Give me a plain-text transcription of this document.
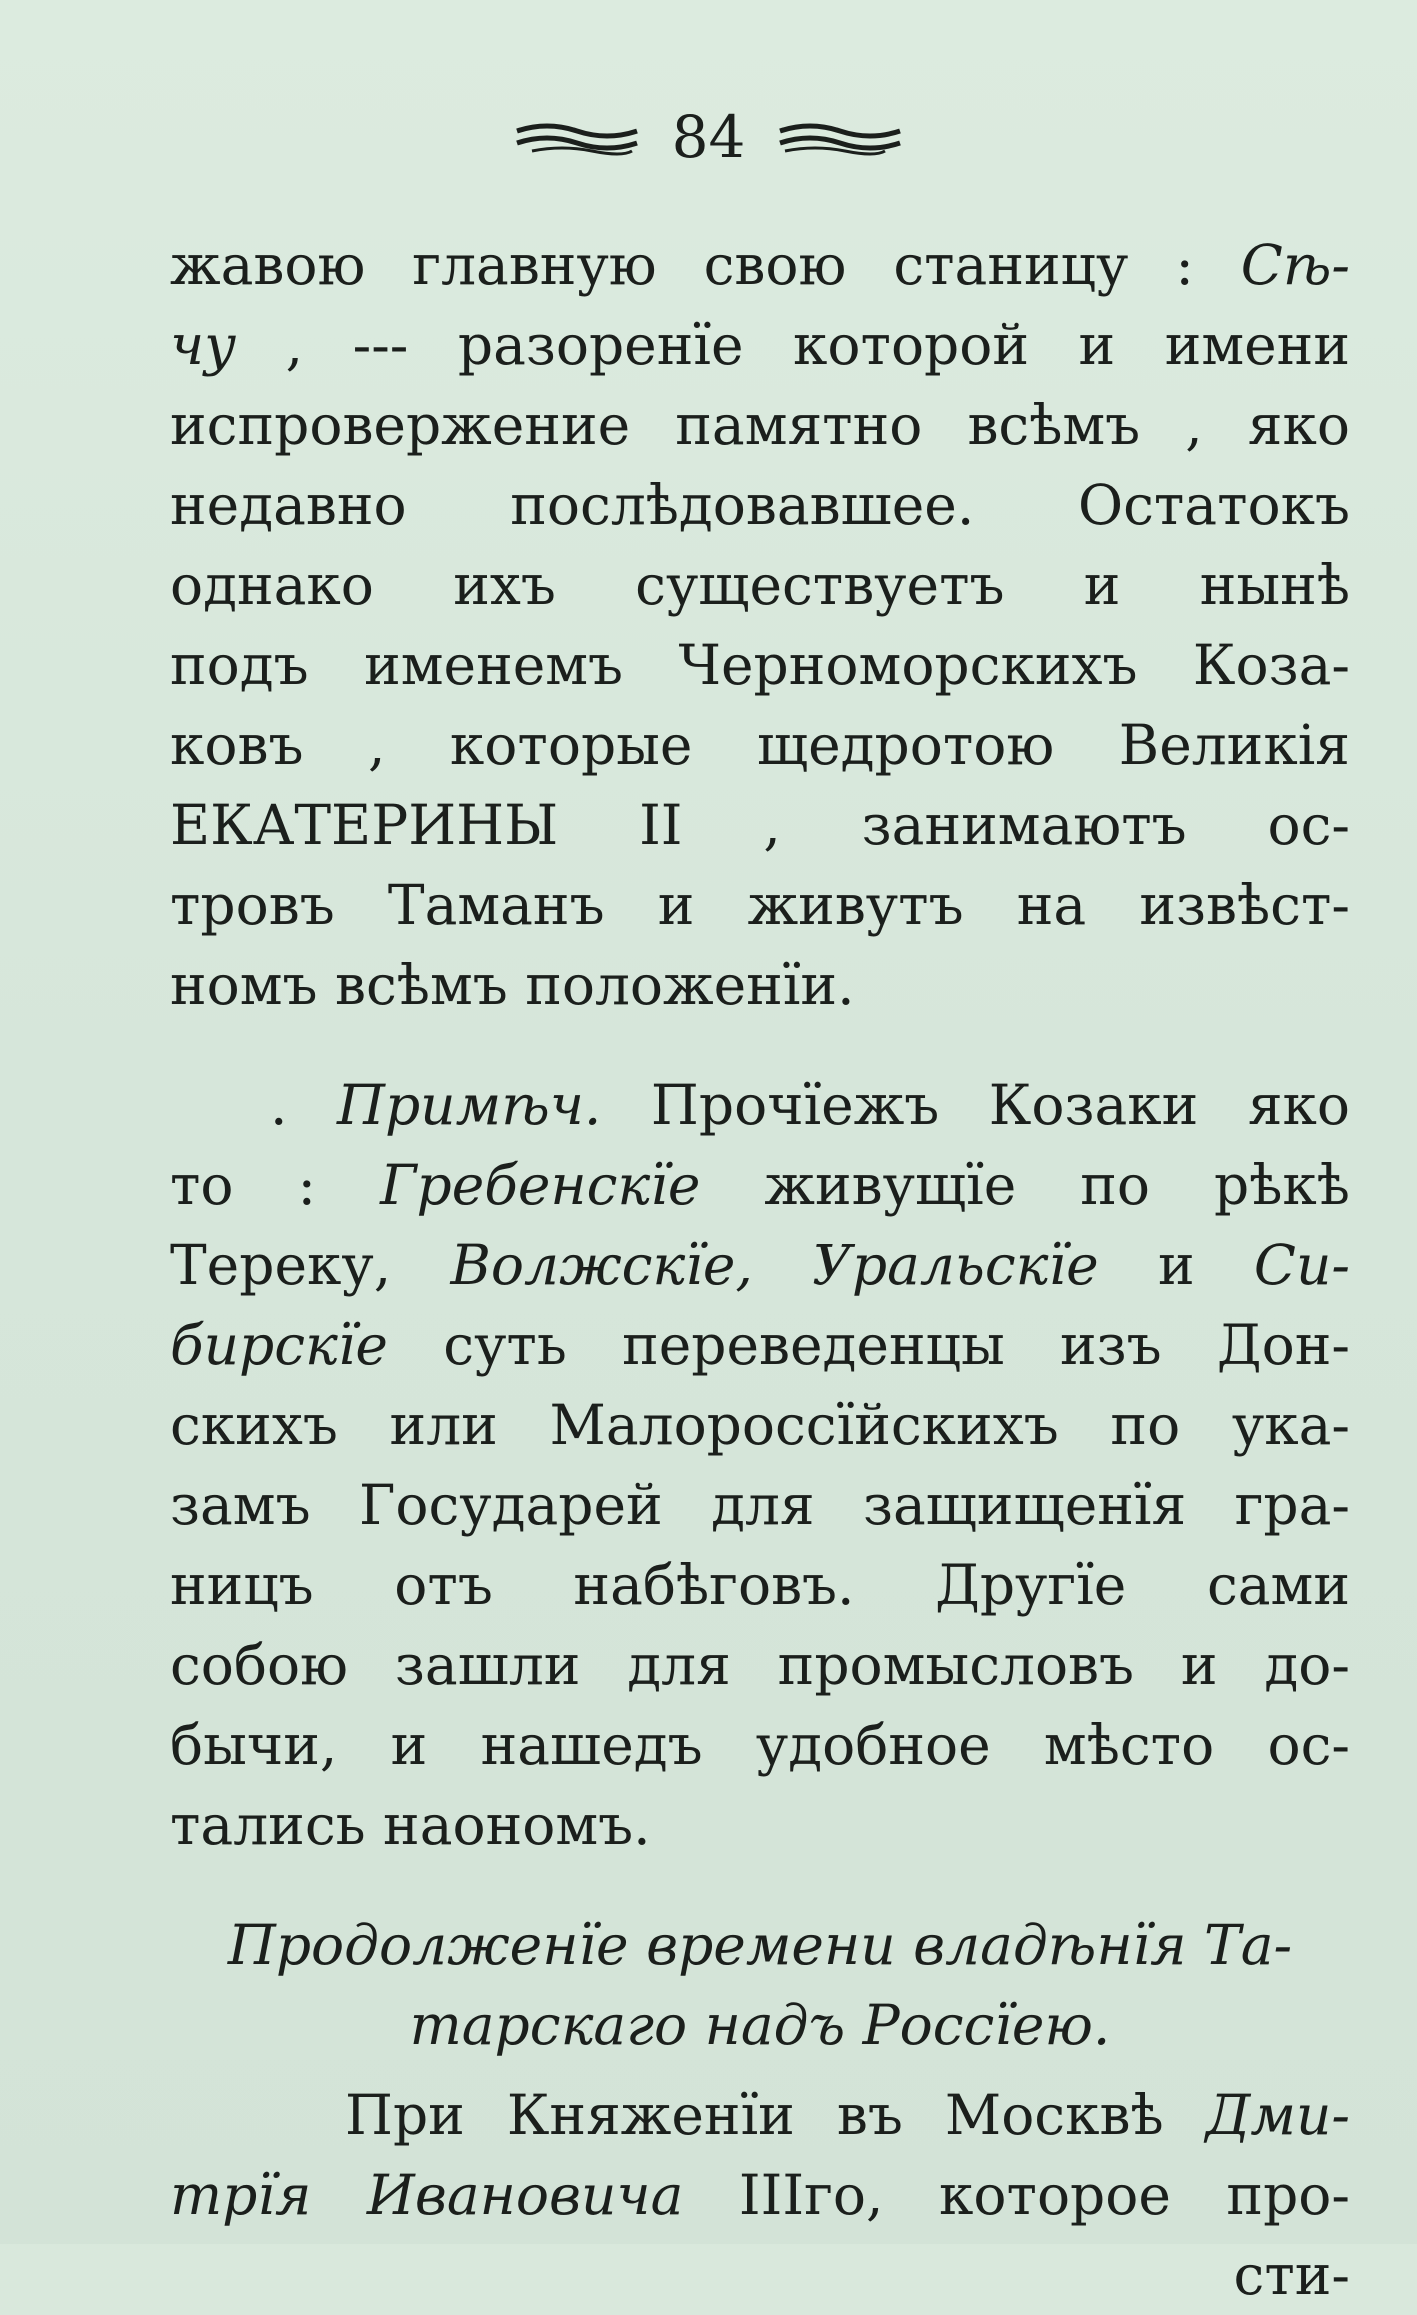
84
жавою главную свою станицу : Сѣ-
чу , --- разоренїе которой и имени
испровержение памятно всѣмъ , яко
недавно послѣдовавшее. Остатокъ
однако ихъ существуетъ и нынѣ
подъ именемъ Черноморскихъ Коза-
ковъ , которые щедротою Великія
ЕКАТЕРИНЫ II , занимаютъ ос-
тровъ Таманъ и живутъ на извѣст-
номъ всѣмъ положенїи.
. Примѣч. Прочїежъ Козаки яко
то : Гребенскїе живущїе по рѣкѣ
Тереку, Волжскїе, Уральскїе и Си-
бирскїе суть переведенцы изъ Дон-
скихъ или Малороссїйскихъ по ука-
замъ Государей для защищенїя гра-
ницъ отъ набѣговъ. Другїе сами
собою зашли для промысловъ и до-
бычи, и нашедъ удобное мѣсто ос-
тались наономъ.
Продолженїе времени владѣнїя Та-
тарскаго надъ Россїею.
При Княженїи въ Москвѣ Дми-
трїя Ивановича IIIго, которое про-
сти-
